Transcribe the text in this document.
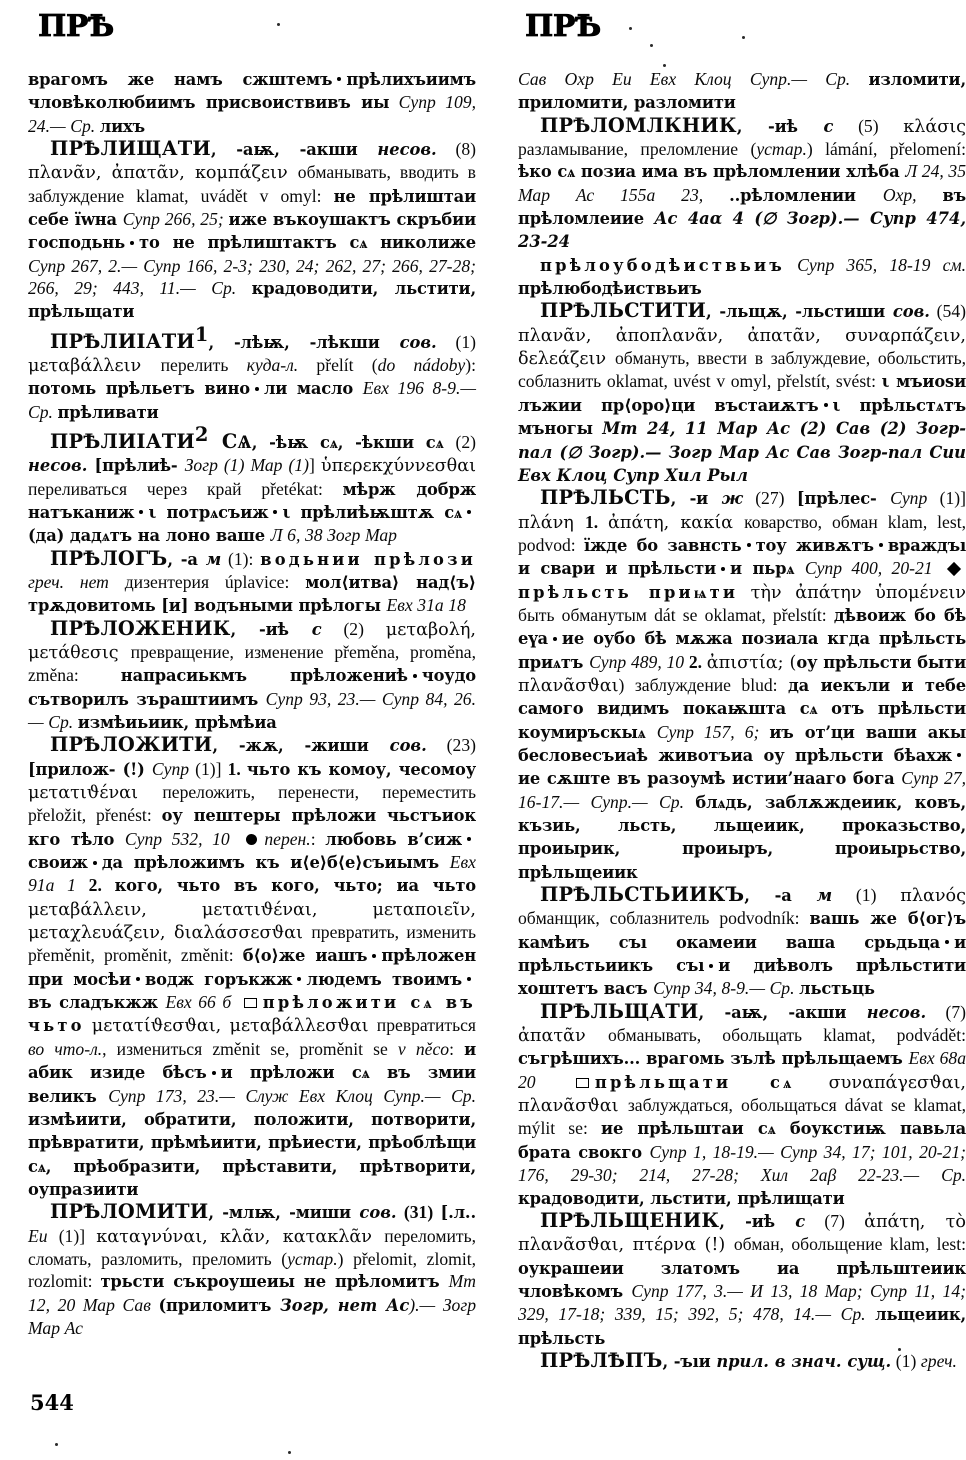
ПРѢ	ПРѢ

врагомъ же намъ сжштемъ прѣлихъиимъ чловѣколюбиимъ присвоиствивъ иы Супр 109, 24.— Ср. лихъ

ПРѢЛИЩАТИ, -аѭ, -акши несов. (8) πλανᾶν, ἀπατᾶν, κομπάζειν обманывать, вводить в заблуждение klamat, uvádět v omyl: не прѣлиштаи себе їwна Супр 266, 25; иже въкоушактъ скръбии господьнь то не прѣлиштактъ сѧ николиже Супр 267, 2.— Супр 166, 2-3; 230, 24; 262, 27; 266, 27-28; 266, 29; 443, 11.— Ср. крадоводити, льстити, прѣльщати

ПРѢЛИІАТИ$^1$, -лѣѭ, -лѣкши сов. (1) μεταβάλλειν перелить куда-л. přelít (do nádoby): потомь прѣльетъ вино ли масло Евх 196 8-9.— Ср. прѣливати

ПРѢЛИІАТИ$^2$ СѦ, -ѣѭ сѧ, -ѣкши сѧ (2) несов. [прѣлиѣ- Зогр (1) Мар (1)] ὑπερεκχύννεσθαι переливаться через край přetékat: мѣрж добрж натъканиж ι потрѧсъиж ι прѣлиѣѭштѫ сѧ(да) дадѧтъ на лоно ваше Л 6, 38 Зогр Мар

ПРѢЛОГЪ, -а м (1): водьнии прѣлози греч. нет дизентерия úplavice: мол⟨итва⟩ над⟨ъ⟩ трѫдовитомь [и] водъными прѣлогы Евх 31а 18

ПРѢЛОЖЕНИК, -иѣ с (2) μεταβολή, μετάθεσις превращение, изменение přeměna, proměna, změna: напрасиькмъ прѣложениѣ чоудо сътворилъ зъраштиимъ Супр 93, 23.— Супр 84, 26.— Ср. измѣиьиик, прѣмѣиа

ПРѢЛОЖИТИ, -жѫ, -жиши сов. (23) [прилож- (!) Супр (1)] 1. чьто къ комоу, чесомоу μετατιϑέναι переложить, перенести, переместить přeložit, přenést: оу пештеры прѣложи чьстъиок кго тѣло Супр 532, 10 перен.: любовь в’сижсвоиж да прѣложимъ къ и⟨е⟩б⟨е⟩съиымъ Евх 91а 1 2. кого, чьто въ кого, чьто; иа чьто μεταβάλλειν, μετατιϑέναι, μεταποιεῖν, μεταχλευάζειν, διαλάσσεσϑαι превратить, изменить přeměnit, proměnit, změnit: б⟨о⟩же иашъ прѣложен при мосѣи водж горъкжж людемъ твоимъвъ сладъкжж Евх 66 б прѣложити сѧ въ чьто μετατίϑεσϑαι, μεταβάλλεσϑαι превратиться во что-л., измениться změnit se, proměnit se v něco: и абик изиде бѣсъ и прѣложи сѧ въ змии великъ Супр 173, 23.— Служ Евх Клоц Супр.— Ср. измѣиити, обратити, положити, потворити, прѣвратити, прѣмѣиити, прѣиести, прѣоблѣщи сѧ, прѣобразити, прѣставити, прѣтворити, оупразиити

ПРѢЛОМИТИ, -млѭ, -миши сов. (31) [.л.. Еи (1)] καταγνύναι, κλᾶν, κατακλᾶν переломить, сломать, разломить, преломить (устар.) přelomit, zlomit, rozlomit: трьсти съкроушеиы не прѣломитъ Мт 12, 20 Мар Сав (приломитъ Зогр, нет Ас).— Зогр Мар Ас

Сав Охр Еи Евх Клоц Супр.— Ср. изломити, приломити, разломити

ПРѢЛОМЛКНИК, -иѣ с (5) κλάσις разламывание, преломление (устар.) lámání, přelomení: ѣко сѧ позиа има въ прѣломлении хлѣба Л 24, 35 Мар Ас 155а 23, ..рѣломлении Охр, въ прѣломлеиие Ас 4аα 4 (∅ Зогр).— Супр 474, 23-24

прѣлоубодѣиствьиъ Супр 365, 18-19 см. прѣлюбодѣиствьиъ

ПРѢЛЬСТИТИ, -льщѫ, -льстиши сов. (54) πλανᾶν, ἀποπλανᾶν, ἀπατᾶν, συναρπάζειν, δελεάζειν обмануть, ввести в заблуждевие, обольстить, соблазнить oklamat, uvést v omyl, přelstít, svést: ι мъиоsи лъжии пр⟨оро⟩ци въстаиѫтъ ι прѣльстѧтъ мъногы Мт 24, 11 Мар Ас (2) Сав (2) Зогр-пал (∅ Зогр).— Зогр Мар Ас Сав Зогр-пал Сии Евх Клоц Супр Хил Рыл

ПРѢЛЬСТЬ, -и ж (27) [прѣлес- Супр (1)] πλάνη 1. ἀπάτη, κακία коварство, обман klam, lest, podvod: їжде бо завнсть тоу живѫтъ враждъı и свари и прѣльсти и пьрѧ Супр 400, 20-21 прѣльсть приѩти τὴν ἀπάτην ὑπομένειν быть обманутым dát se oklamat, přelstít: дѣвоиж бо бѣ еүа ие оубо бѣ мѫжа позиала кгда прѣльсть приѧтъ Супр 489, 10 2. ἀπιστία; (оу прѣльсти быти πλανᾶσϑαι) заблуждение blud: да иекъли и тебе самого видимъ покаѭшта сѧ отъ прѣльсти коумиръскыѧ Супр 157, 6; иъ от’ци ваши акы бесловесъиаѣ животъиа оу прѣльсти бѣахжие сѫште въ разоумѣ истии’нааго бога Супр 27, 16-17.— Супр.— Ср. блѧдь, заблѫждеиик, ковъ, къзиь, льсть, льщеиик, проказьство, проиырик, проиыръ, проиырьство, прѣльщеиик

ПРѢЛЬСТЬИИКЪ, -а м (1) πλανός обманщик, соблазнитель podvodník: вашь же б⟨ог⟩ъ камѣиъ съı окамеии ваша срьдьца и прѣльстьиикъ съı и диѣволъ прѣльстити хоштетъ васъ Супр 34, 8-9.— Ср. льстьць

ПРѢЛЬЩАТИ, -аѭ, -акши несов. (7) ἀπατᾶν обманывать, обольщать klamat, podvádět: съгрѣшихъ... врагомь зълѣ прѣльщаемъ Евх 68а 20 прѣльщати сѧ συναπάγεσϑαι, πλανᾶσϑαι заблуждаться, обольщаться dávat se klamat, mýlit se: ие прѣльштаи сѧ боукстиѭ павьла брата свокго Супр 1, 18-19.— Супр 34, 17; 101, 20-21; 176, 29-30; 214, 27-28; Хил 2аβ 22-23.— Ср. крадоводити, льстити, прѣлищати

ПРѢЛЬЩЕНИК, -иѣ с (7) ἀπάτη, τὸ πλανᾶσϑαι, πτέρνα (!) обман, обольщение klam, lest: оукрашеии златомъ иа прѣльштеиик чловѣкомъ Супр 177, 3.— И 13, 18 Мар; Супр 11, 14; 329, 17-18; 339, 15; 392, 5; 478, 14.— Ср. льщеиик, прѣльсть

ПРѢЛѢПЪ, -ъıи прил. в знач. сущ. (1) греч.

544
